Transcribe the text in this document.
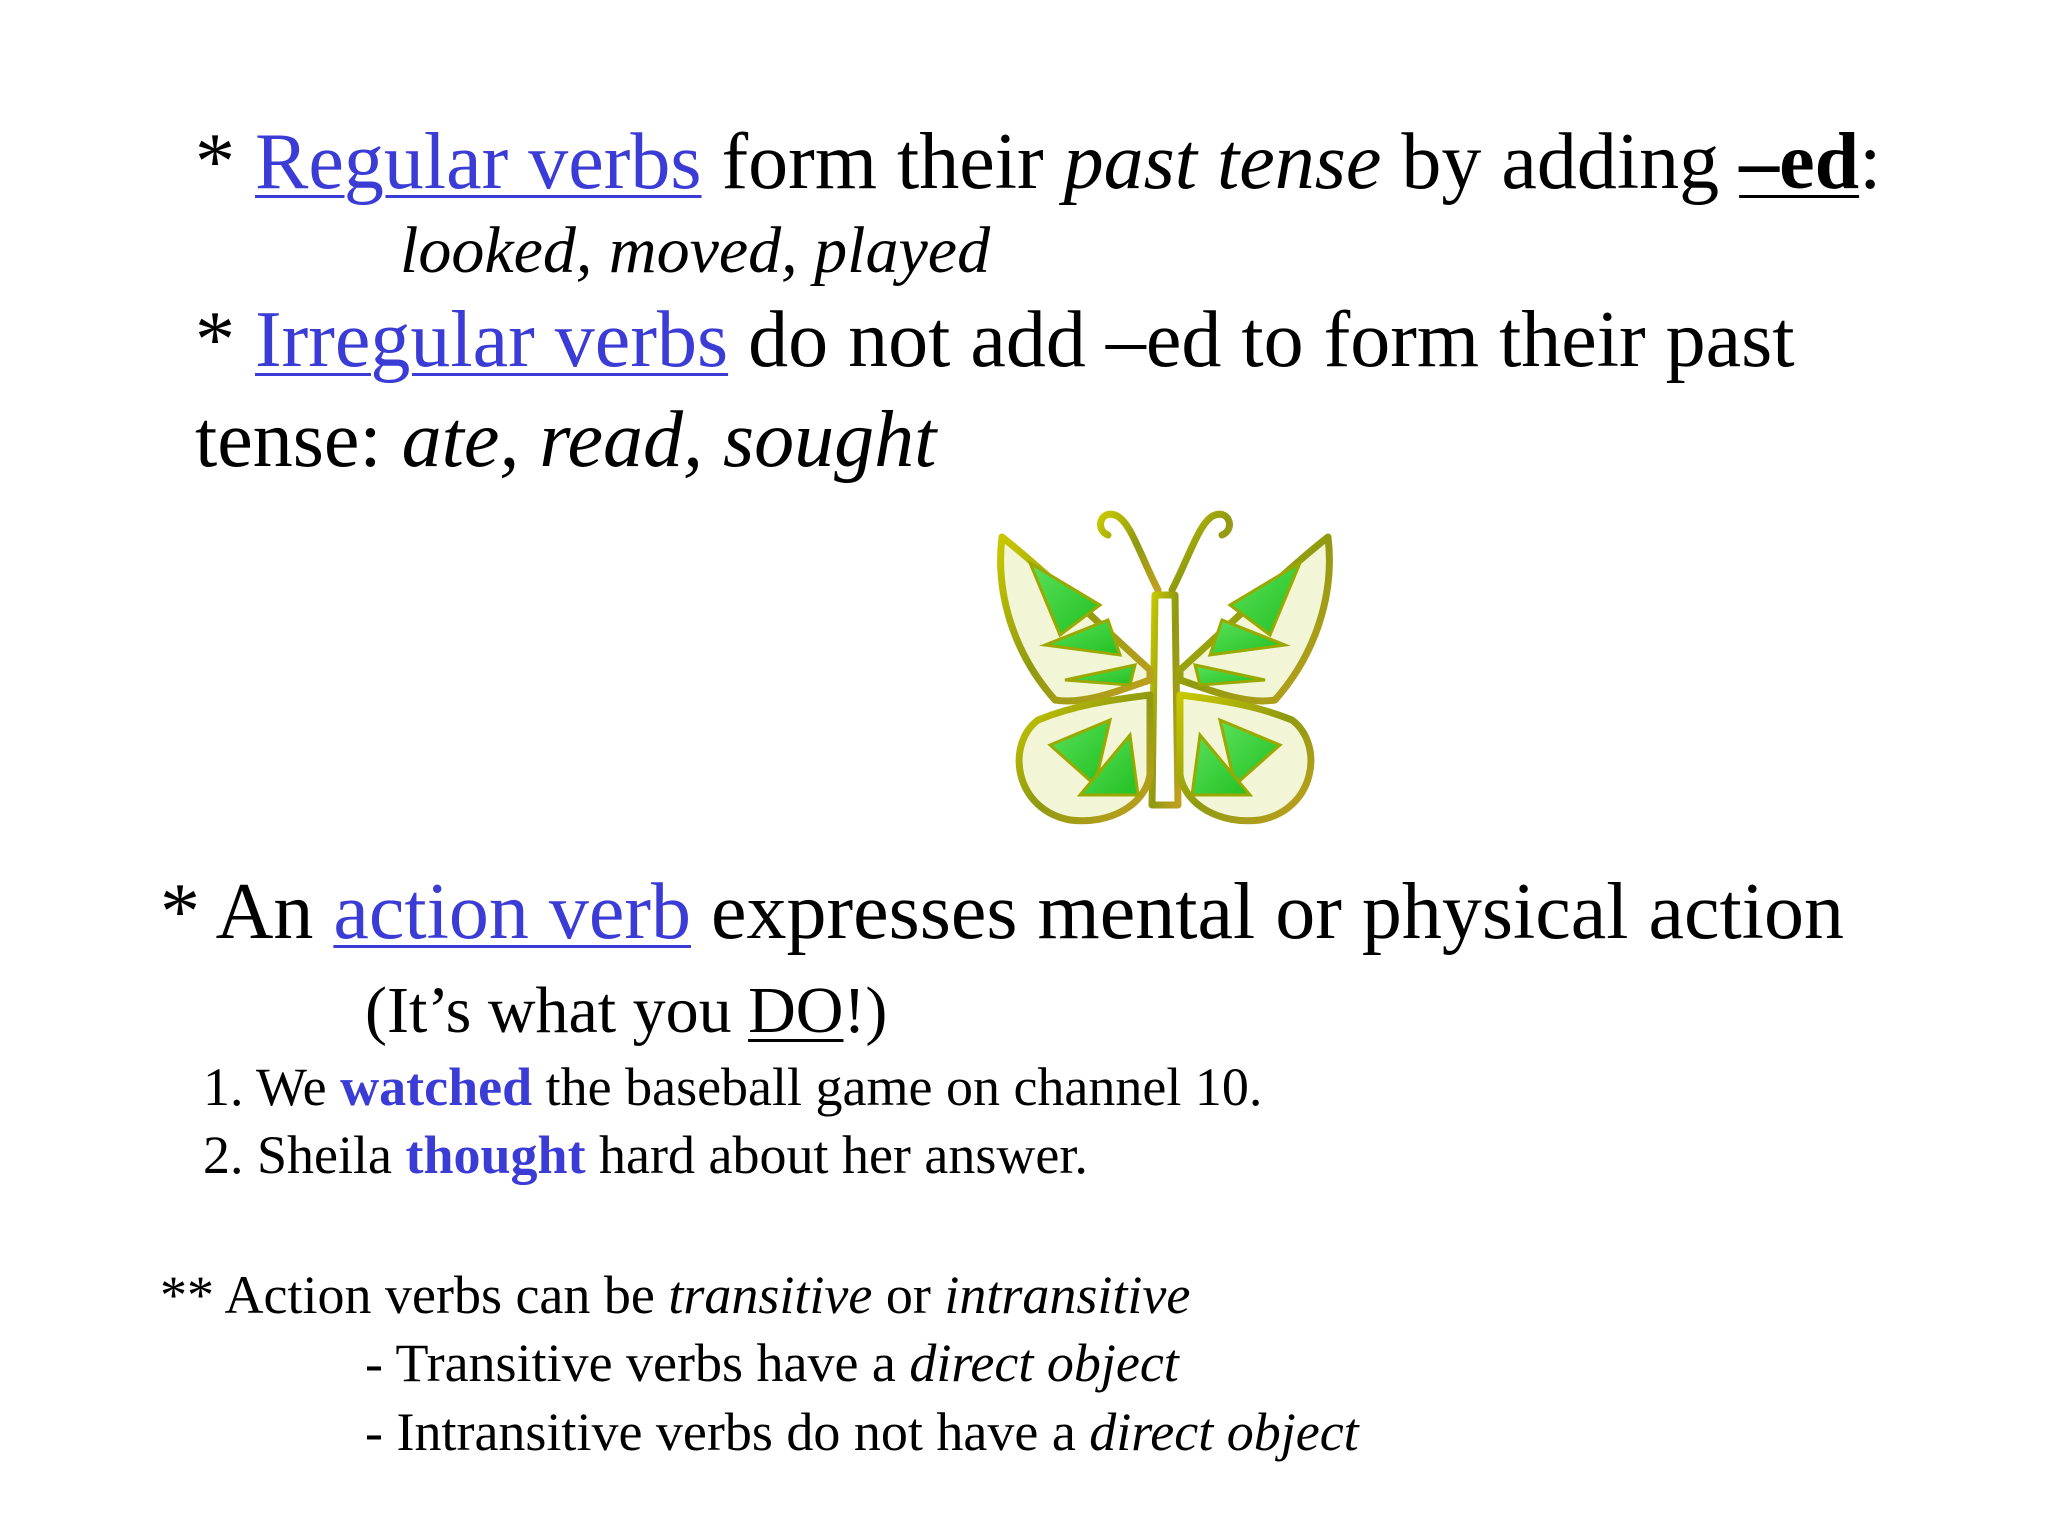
* Regular verbs form their past tense by adding –ed:
looked, moved, played
* Irregular verbs do not add –ed to form their past
tense: ate, read, sought
* An action verb expresses mental or physical action
(It’s what you DO!)
1. We watched the baseball game on channel 10.
2. Sheila thought hard about her answer.
** Action verbs can be transitive or intransitive
- Transitive verbs have a direct object
- Intransitive verbs do not have a direct object
